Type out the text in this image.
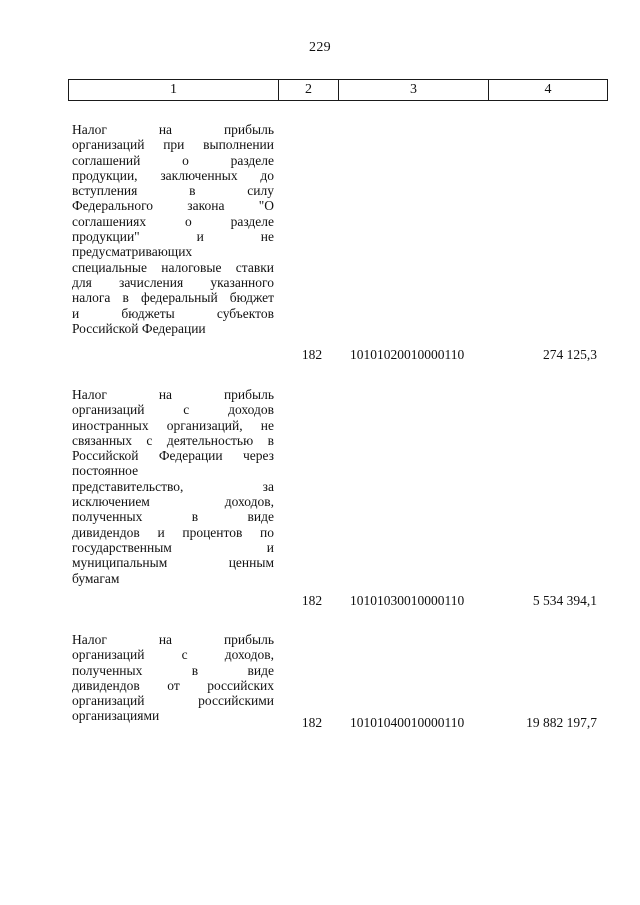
229
1	2	3	4
Налог на прибыль
организаций при выполнении
соглашений о разделе
продукции, заключенных до
вступления в силу
Федерального закона "О
соглашениях о разделе
продукции" и не
предусматривающих
специальные налоговые ставки
для зачисления указанного
налога в федеральный бюджет
и бюджеты субъектов
Российской Федерации
182 10101020010000110	274 125,3
Налог на прибыль
организаций с доходов
иностранных организаций, не
связанных с деятельностью в
Российской Федерации через
постоянное
представительство, за
исключением доходов,
полученных в виде
дивидендов и процентов по
государственным и
муниципальным ценным
бумагам
182 10101030010000110	5 534 394,1
Налог на прибыль
организаций с доходов,
полученных в виде
дивидендов от российских
организаций российскими
организациями	182 10101040010000110	19 882 197,7
